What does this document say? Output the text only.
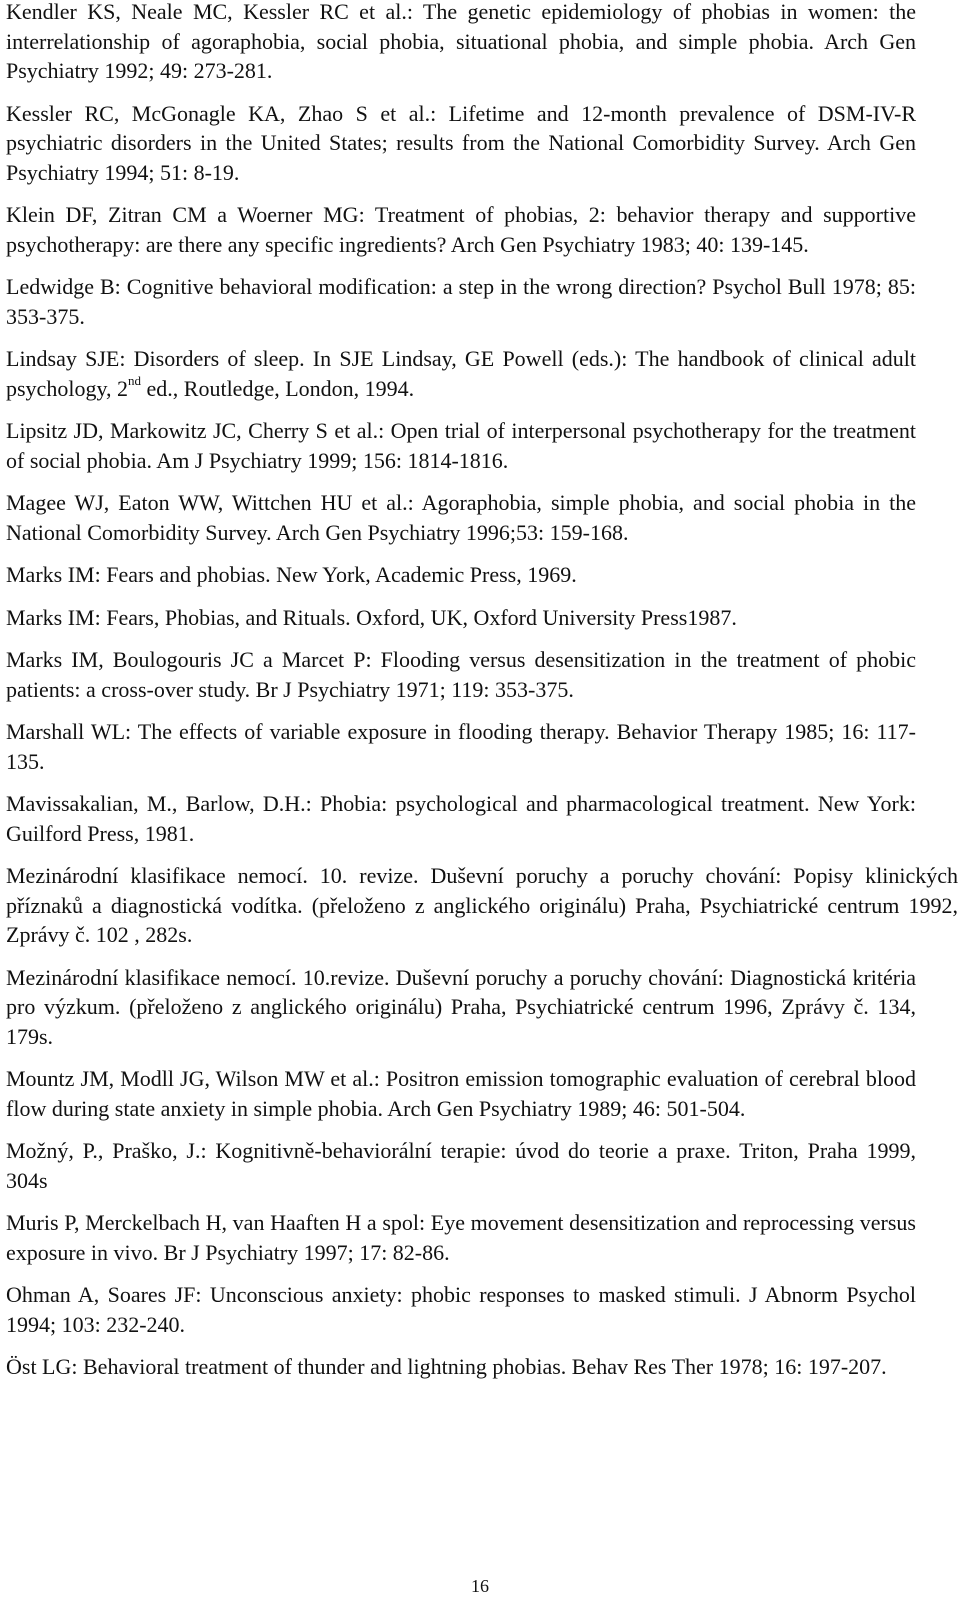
Kendler KS, Neale MC, Kessler RC et al.: The genetic epidemiology of phobias in women: the interrelationship of agoraphobia, social phobia, situational phobia, and simple phobia. Arch Gen Psychiatry 1992; 49: 273-281.
Kessler RC, McGonagle KA, Zhao S et al.: Lifetime and 12-month prevalence of DSM-IV-R psychiatric disorders in the United States; results from the National Comorbidity Survey. Arch Gen Psychiatry 1994; 51: 8-19.
Klein DF, Zitran CM a Woerner MG: Treatment of phobias, 2: behavior therapy and supportive psychotherapy: are there any specific ingredients? Arch Gen Psychiatry 1983; 40: 139-145.
Ledwidge B: Cognitive behavioral modification: a step in the wrong direction? Psychol Bull 1978; 85: 353-375.
Lindsay SJE: Disorders of sleep. In SJE Lindsay, GE Powell (eds.): The handbook of clinical adult psychology, 2nd ed., Routledge, London, 1994.
Lipsitz JD, Markowitz JC, Cherry S et al.: Open trial of interpersonal psychotherapy for the treatment of social phobia. Am J Psychiatry 1999; 156: 1814-1816.
Magee WJ, Eaton WW, Wittchen HU et al.: Agoraphobia, simple phobia, and social phobia in the National Comorbidity Survey. Arch Gen Psychiatry 1996;53: 159-168.
Marks IM: Fears and phobias. New York, Academic Press, 1969.
Marks IM: Fears, Phobias, and Rituals. Oxford, UK, Oxford University Press1987.
Marks IM, Boulogouris JC a Marcet P: Flooding versus desensitization in the treatment of phobic patients: a cross-over study. Br J Psychiatry 1971; 119: 353-375.
Marshall WL: The effects of variable exposure in flooding therapy. Behavior Therapy 1985; 16: 117-135.
Mavissakalian, M., Barlow, D.H.: Phobia: psychological and pharmacological treatment. New York: Guilford Press, 1981.
Mezinárodní klasifikace nemocí. 10. revize. Duševní poruchy a poruchy chování: Popisy klinických příznaků a diagnostická vodítka. (přeloženo z anglického originálu) Praha, Psychiatrické centrum 1992, Zprávy č. 102 , 282s.
Mezinárodní klasifikace nemocí. 10.revize. Duševní poruchy a poruchy chování: Diagnostická kritéria pro výzkum. (přeloženo z anglického originálu) Praha, Psychiatrické centrum 1996, Zprávy č. 134, 179s.
Mountz JM, Modll JG, Wilson MW et al.: Positron emission tomographic evaluation of cerebral blood flow during state anxiety in simple phobia. Arch Gen Psychiatry 1989; 46: 501-504.
Možný, P., Praško, J.: Kognitivně-behaviorální terapie: úvod do teorie a praxe. Triton, Praha 1999, 304s
Muris P, Merckelbach H, van Haaften H a spol: Eye movement desensitization and reprocessing versus exposure in vivo. Br J Psychiatry 1997; 17: 82-86.
Ohman A, Soares JF: Unconscious anxiety: phobic responses to masked stimuli. J Abnorm Psychol 1994; 103: 232-240.
Öst LG: Behavioral treatment of thunder and lightning phobias. Behav Res Ther 1978; 16: 197-207.
16
